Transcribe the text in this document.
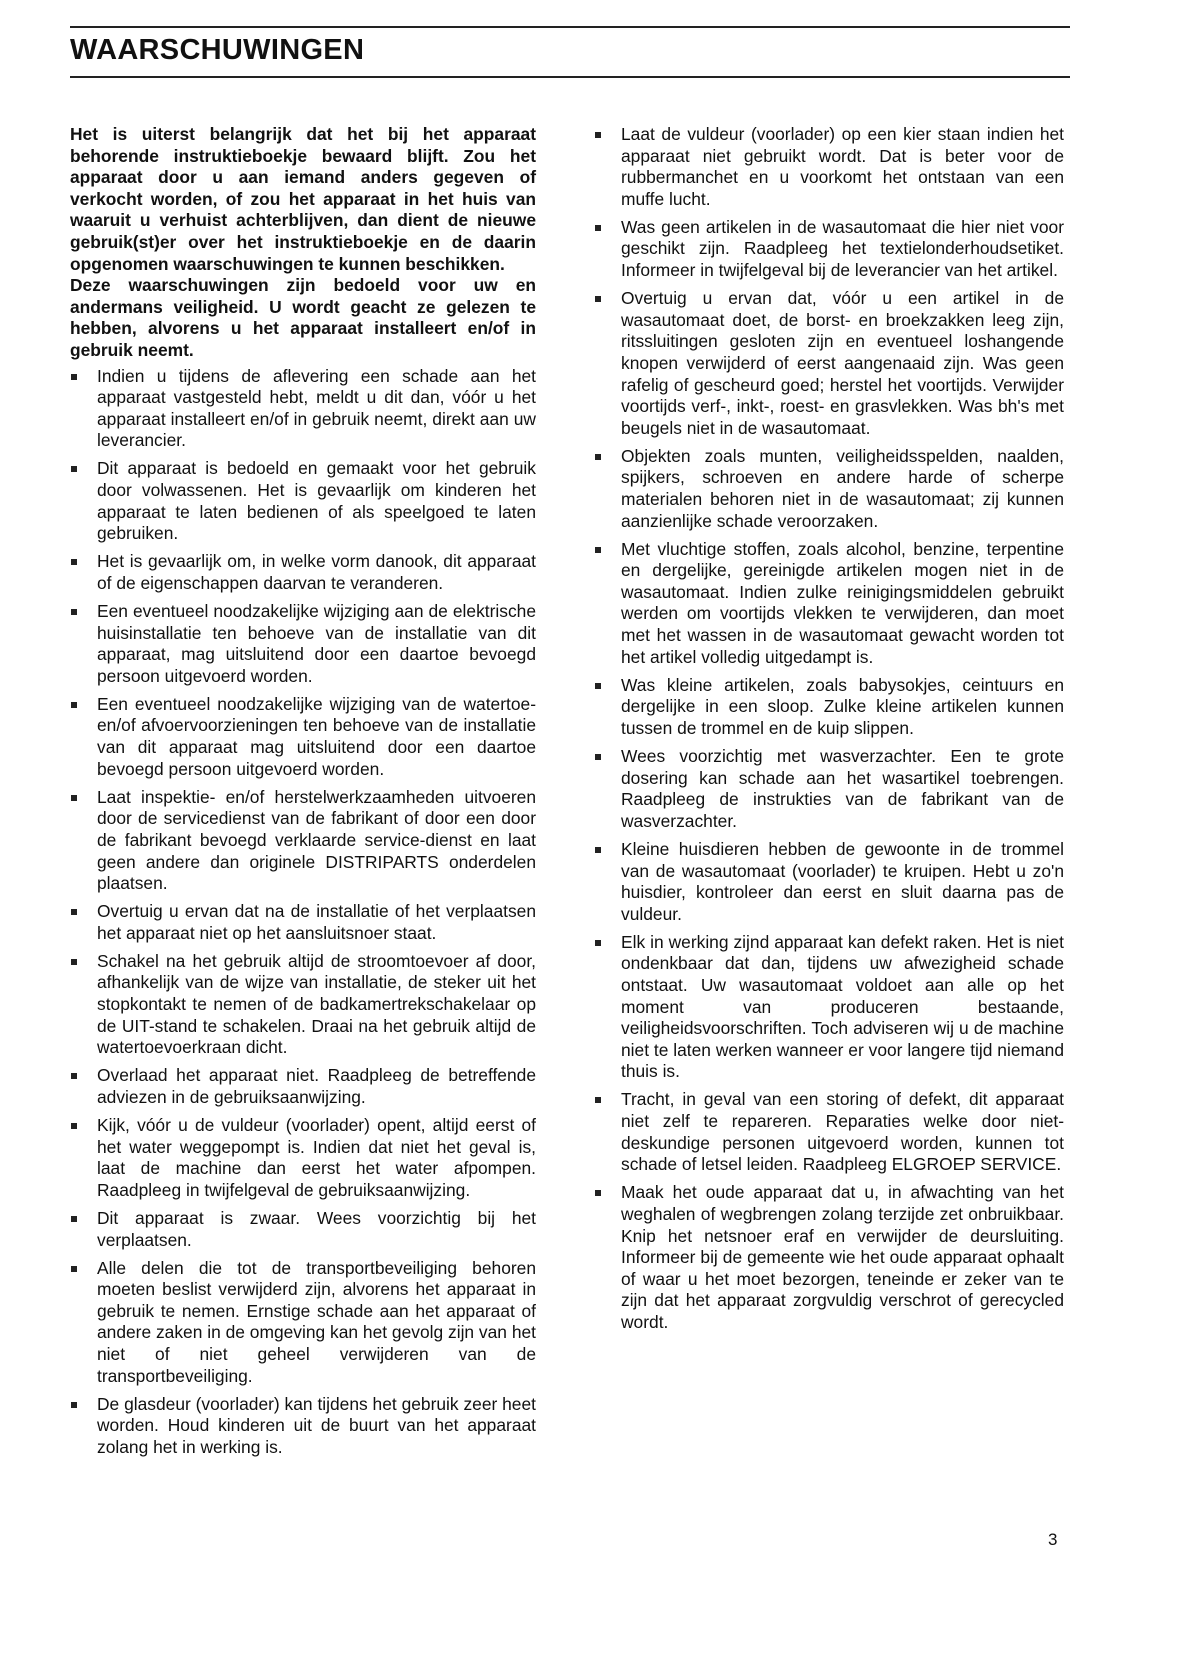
WAARSCHUWINGEN

Het is uiterst belangrijk dat het bij het apparaat behorende instruktieboekje bewaard blijft. Zou het apparaat door u aan iemand anders gegeven of verkocht worden, of zou het apparaat in het huis van waaruit u verhuist achterblijven, dan dient de nieuwe gebruik(st)er over het instruktieboekje en de daarin opgenomen waarschuwingen te kunnen beschikken.

Deze waarschuwingen zijn bedoeld voor uw en andermans veiligheid. U wordt geacht ze gelezen te hebben, alvorens u het apparaat installeert en/of in gebruik neemt.

Indien u tijdens de aflevering een schade aan het apparaat vastgesteld hebt, meldt u dit dan, vóór u het apparaat installeert en/of in gebruik neemt, direkt aan uw leverancier.
Dit apparaat is bedoeld en gemaakt voor het gebruik door volwassenen. Het is gevaarlijk om kinderen het apparaat te laten bedienen of als speelgoed te laten gebruiken.
Het is gevaarlijk om, in welke vorm danook, dit apparaat of de eigenschappen daarvan te veranderen.
Een eventueel noodzakelijke wijziging aan de elektrische huisinstallatie ten behoeve van de installatie van dit apparaat, mag uitsluitend door een daartoe bevoegd persoon uitgevoerd worden.
Een eventueel noodzakelijke wijziging van de watertoe- en/of afvoervoorzieningen ten behoeve van de installatie van dit apparaat mag uitsluitend door een daartoe bevoegd persoon uitgevoerd worden.
Laat inspektie- en/of herstelwerkzaamheden uitvoeren door de servicedienst van de fabrikant of door een door de fabrikant bevoegd verklaarde service-dienst en laat geen andere dan originele DISTRIPARTS onderdelen plaatsen.
Overtuig u ervan dat na de installatie of het verplaatsen het apparaat niet op het aansluitsnoer staat.
Schakel na het gebruik altijd de stroomtoevoer af door, afhankelijk van de wijze van installatie, de steker uit het stopkontakt te nemen of de badkamertrekschakelaar op de UIT-stand te schakelen. Draai na het gebruik altijd de watertoevoerkraan dicht.
Overlaad het apparaat niet. Raadpleeg de betreffende adviezen in de gebruiksaanwijzing.
Kijk, vóór u de vuldeur (voorlader) opent, altijd eerst of het water weggepompt is. Indien dat niet het geval is, laat de machine dan eerst het water afpompen. Raadpleeg in twijfelgeval de gebruiksaanwijzing.
Dit apparaat is zwaar. Wees voorzichtig bij het verplaatsen.
Alle delen die tot de transportbeveiliging behoren moeten beslist verwijderd zijn, alvorens het apparaat in gebruik te nemen. Ernstige schade aan het apparaat of andere zaken in de omgeving kan het gevolg zijn van het niet of niet geheel verwijderen van de transportbeveiliging.
De glasdeur (voorlader) kan tijdens het gebruik zeer heet worden. Houd kinderen uit de buurt van het apparaat zolang het in werking is.
Laat de vuldeur (voorlader) op een kier staan indien het apparaat niet gebruikt wordt. Dat is beter voor de rubbermanchet en u voorkomt het ontstaan van een muffe lucht.
Was geen artikelen in de wasautomaat die hier niet voor geschikt zijn. Raadpleeg het textielonderhoudsetiket. Informeer in twijfelgeval bij de leverancier van het artikel.
Overtuig u ervan dat, vóór u een artikel in de wasautomaat doet, de borst- en broekzakken leeg zijn, ritssluitingen gesloten zijn en eventueel loshangende knopen verwijderd of eerst aangenaaid zijn. Was geen rafelig of gescheurd goed; herstel het voortijds. Verwijder voortijds verf-, inkt-, roest- en grasvlekken. Was bh's met beugels niet in de wasautomaat.
Objekten zoals munten, veiligheidsspelden, naalden, spijkers, schroeven en andere harde of scherpe materialen behoren niet in de wasautomaat; zij kunnen aanzienlijke schade veroorzaken.
Met vluchtige stoffen, zoals alcohol, benzine, terpentine en dergelijke, gereinigde artikelen mogen niet in de wasautomaat. Indien zulke reinigingsmiddelen gebruikt werden om voortijds vlekken te verwijderen, dan moet met het wassen in de wasautomaat gewacht worden tot het artikel volledig uitgedampt is.
Was kleine artikelen, zoals babysokjes, ceintuurs en dergelijke in een sloop. Zulke kleine artikelen kunnen tussen de trommel en de kuip slippen.
Wees voorzichtig met wasverzachter. Een te grote dosering kan schade aan het wasartikel toebrengen. Raadpleeg de instrukties van de fabrikant van de wasverzachter.
Kleine huisdieren hebben de gewoonte in de trommel van de wasautomaat (voorlader) te kruipen. Hebt u zo'n huisdier, kontroleer dan eerst en sluit daarna pas de vuldeur.
Elk in werking zijnd apparaat kan defekt raken. Het is niet ondenkbaar dat dan, tijdens uw afwezigheid schade ontstaat. Uw wasautomaat voldoet aan alle op het moment van produceren bestaande, veiligheidsvoorschriften. Toch adviseren wij u de machine niet te laten werken wanneer er voor langere tijd niemand thuis is.
Tracht, in geval van een storing of defekt, dit apparaat niet zelf te repareren. Reparaties welke door niet-deskundige personen uitgevoerd worden, kunnen tot schade of letsel leiden. Raadpleeg ELGROEP SERVICE.
Maak het oude apparaat dat u, in afwachting van het weghalen of wegbrengen zolang terzijde zet onbruikbaar. Knip het netsnoer eraf en verwijder de deursluiting. Informeer bij de gemeente wie het oude apparaat ophaalt of waar u het moet bezorgen, teneinde er zeker van te zijn dat het apparaat zorgvuldig verschrot of gerecycled wordt.
3
